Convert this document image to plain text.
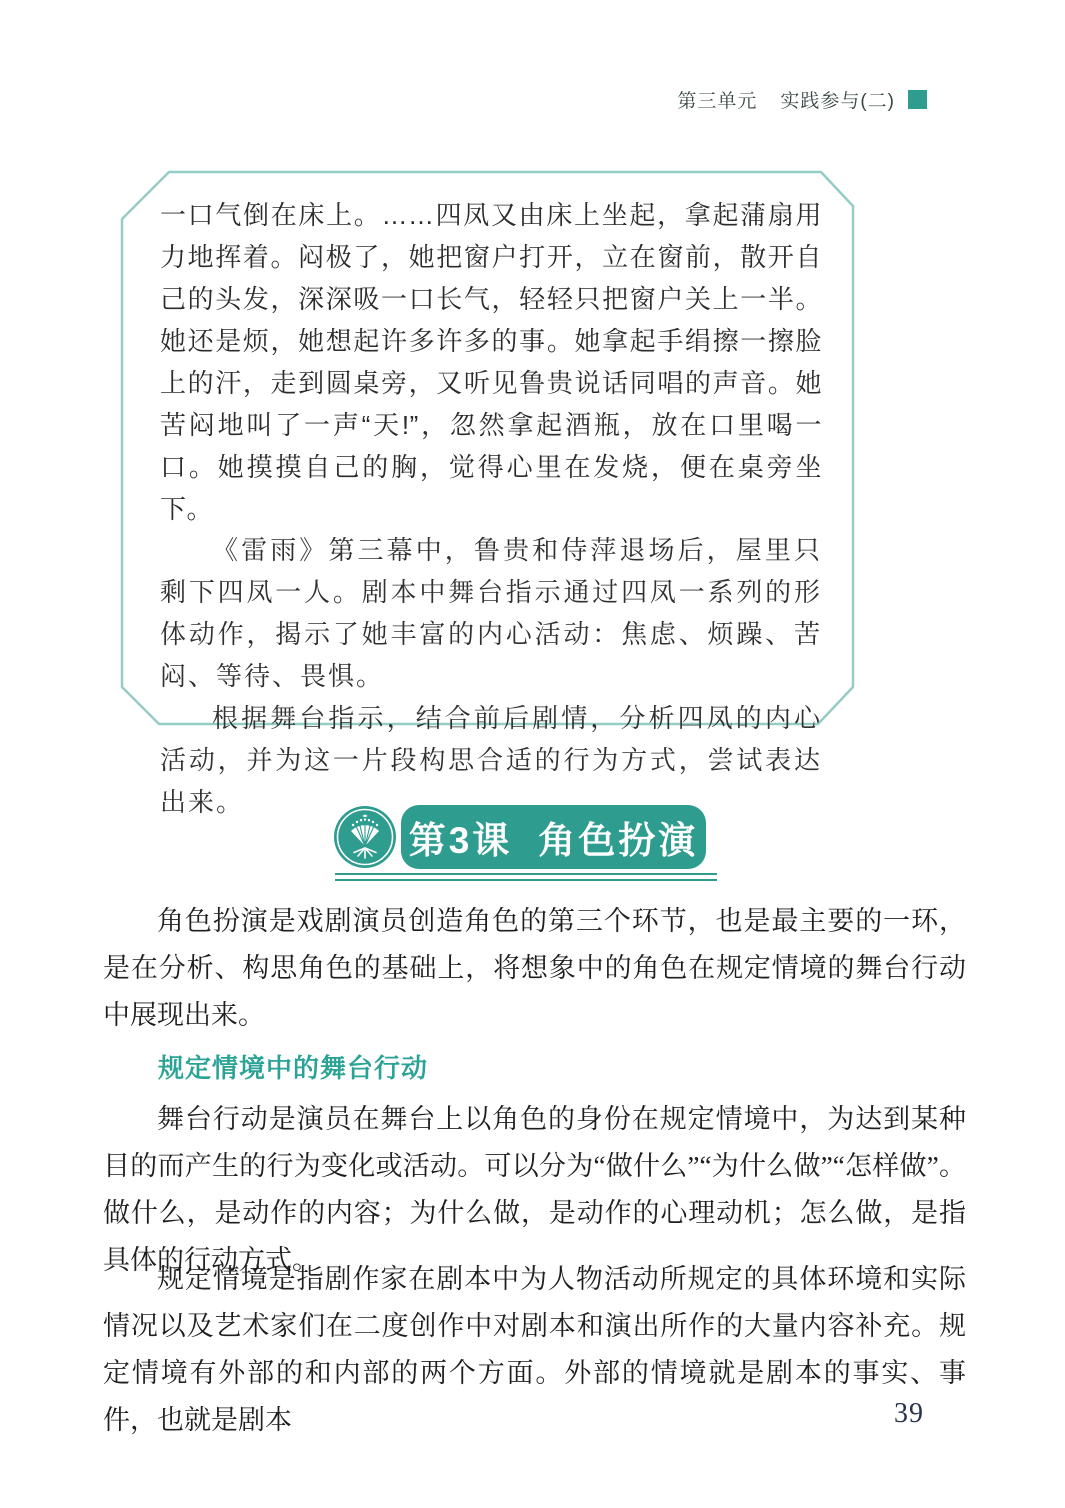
第三单元 实践参与(二)

一口气倒在床上。……四凤又由床上坐起，拿起蒲扇用力地挥着。闷极了，她把窗户打开，立在窗前，散开自己的头发，深深吸一口长气，轻轻只把窗户关上一半。她还是烦，她想起许多许多的事。她拿起手绢擦一擦脸上的汗，走到圆桌旁，又听见鲁贵说话同唱的声音。她苦闷地叫了一声“天!”，忽然拿起酒瓶，放在口里喝一口。她摸摸自己的胸，觉得心里在发烧，便在桌旁坐下。

《雷雨》第三幕中，鲁贵和侍萍退场后，屋里只剩下四凤一人。剧本中舞台指示通过四凤一系列的形体动作，揭示了她丰富的内心活动：焦虑、烦躁、苦闷、等待、畏惧。

根据舞台指示，结合前后剧情，分析四凤的内心活动，并为这一片段构思合适的行为方式，尝试表达出来。

第3课 角色扮演

角色扮演是戏剧演员创造角色的第三个环节，也是最主要的一环，是在分析、构思角色的基础上，将想象中的角色在规定情境的舞台行动中展现出来。

规定情境中的舞台行动

舞台行动是演员在舞台上以角色的身份在规定情境中，为达到某种目的而产生的行为变化或活动。可以分为“做什么”“为什么做”“怎样做”。做什么，是动作的内容；为什么做，是动作的心理动机；怎么做，是指具体的行动方式。

规定情境是指剧作家在剧本中为人物活动所规定的具体环境和实际情况以及艺术家们在二度创作中对剧本和演出所作的大量内容补充。规定情境有外部的和内部的两个方面。外部的情境就是剧本的事实、事件，也就是剧本	39
